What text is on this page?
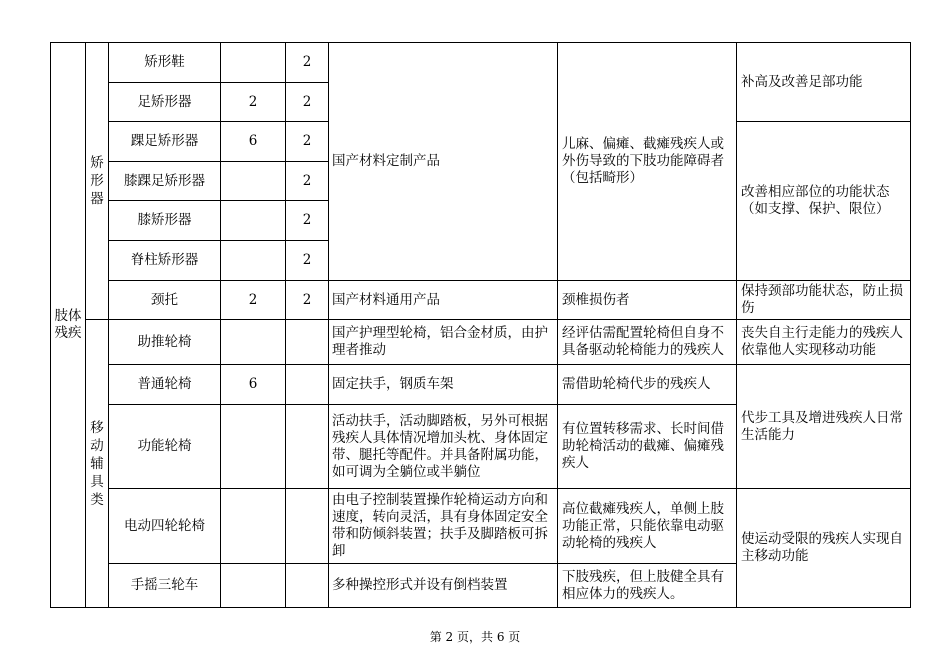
肢体残疾	矫形器	矫形鞋		2	国产材料定制产品	儿麻、偏瘫、截瘫残疾人或外伤导致的下肢功能障碍者（包括畸形）	补高及改善足部功能
		足矫形器	2	2			
		踝足矫形器	6	2			改善相应部位的功能状态（如支撑、保护、限位）
		膝踝足矫形器		2			
		膝矫形器		2			
		脊柱矫形器		2			
		颈托	2	2	国产材料通用产品	颈椎损伤者	保持颈部功能状态，防止损伤
	移动辅具类	助推轮椅			国产护理型轮椅，铝合金材质，由护理者推动	经评估需配置轮椅但自身不具备驱动轮椅能力的残疾人	丧失自主行走能力的残疾人依靠他人实现移动功能
		普通轮椅	6		固定扶手，钢质车架	需借助轮椅代步的残疾人	代步工具及增进残疾人日常生活能力
		功能轮椅			活动扶手，活动脚踏板，另外可根据残疾人具体情况增加头枕、身体固定带、腿托等配件。并具备附属功能，如可调为全躺位或半躺位	有位置转移需求、长时间借助轮椅活动的截瘫、偏瘫残疾人	
		电动四轮轮椅			由电子控制装置操作轮椅运动方向和速度，转向灵活，具有身体固定安全带和防倾斜装置；扶手及脚踏板可拆卸	高位截瘫残疾人，单侧上肢功能正常，只能依靠电动驱动轮椅的残疾人	使运动受限的残疾人实现自主移动功能
		手摇三轮车			多种操控形式并设有倒档装置	下肢残疾，但上肢健全具有相应体力的残疾人。	
第 2 页，共 6 页
